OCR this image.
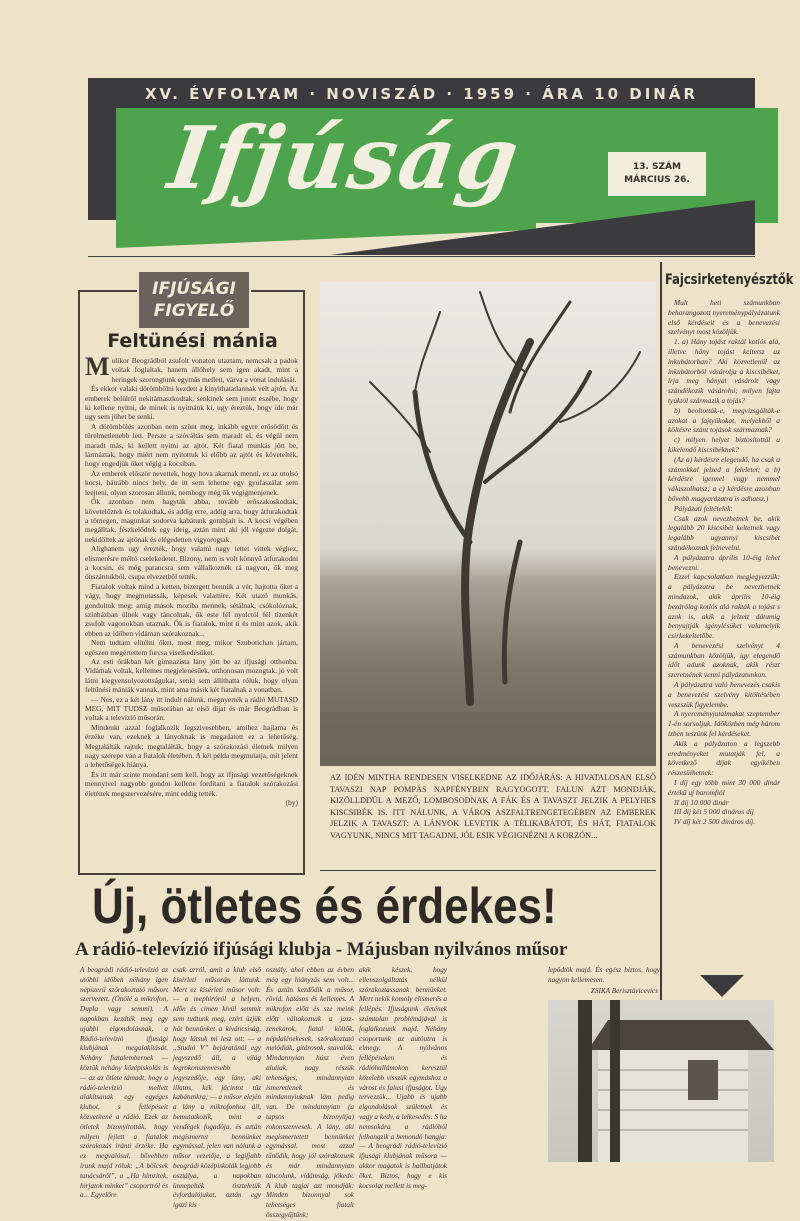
XV. ÉVFOLYAM · NOVISZÁD · 1959 · ÁRA 10 DINÁR
Ifjúság	13. SZÁM
MÁRCIUS 26.
IFJÚSÁGI
FIGYELŐ
Feltünési mánia

Mulikor Beográdból zsufolt vonaton utaztam, nemcsak a padok voltak foglaltak, hanem állóhely sem igen akadt, mint a heringek szorongtunk egymás mellett, várva a vonat indulását.

És ekkor valaki dörömbölni kezdett a kinyithatatlannak vélt ajtón. Az emberek belülről nekitámaszkodtak, senkinek sem jutott eszébe, hogy ki kellene nyitni, de minek is nyitnánk ki, ugy éreztük, hogy ide már ugy sem jöhet be senki.

A dörömbölés azonban nem szünt meg, inkább egyre erősödött és türelmetlenebb lett. Persze a szóváltás sem maradt el, és végül nem maradt más, ki kellett nyitni az ajtót. Két fiatal munkás jött be, lármáztak, hogy miért nem nyitottuk ki előbb az ajtót és követelték, hogy engedjük őket végig a kocsiban.

Az emberek először nevettek, hogy hova akarnak menni, ez az utolsó kocsi, hátrább nincs hely, de itt sem lehetne egy gyufaszálat sem leejteni, olyan szorosan állunk, nemhogy még ők végigmenjenek.

Ők azonban nem hagyták abba, tovább erőszakoskodtak, követelőztek és tolakodtak, és addig erre, addig arra, hogy átfurakodtak a tömegen, magunkat sodorva kabátunk gombjait is. A kocsi végében megálltak, fészkelődtek egy ideig, aztán mint aki jól végezte dolgát, nekidőltek az ajtónak és elégedetten vigyorogtak.

Alighanem ugy érezték, hogy valami nagy tettet vittek véghez, elismerésre méltó cselekedetet. Bizony, nem is volt könnyű átfurakodni a kocsin, és még parancsra sem vállalkoznék rá nagyon, ők meg önszántukból, csupa elvezetből tették.

Fiatalok voltak mind a ketten, bizergett bennük a vér, hajtotta őket a vágy, hogy megmutassák, képesek valamire. Két utazó munkás, gondoltuk meg: amíg mások moziba mennek, sétálnak, csókolóznak, színházban ülnek vagy táncolnak, ők este fél nyolctól fél tizenkét zsufolt vagonokban utaznak. Ők is fiatalok, mint ti és mint azok, akik ebben az időben vidáman szórakoznak...

Nem tudtam elítélni őket, most meg, mikor Szubotichan jártam, egészen megértettem furcsa viselkedésüket.

Az esti órákban két gimnazista lány jött be az ifjusági otthonba. Vidámak voltak, kellemes megjelenésűek, otthonosan mozogtak, jó volt látni kiegyensulyozottságukat, senki sem állíthatta róluk, hogy olyan feltűnési mániák vannak, mint ama másik két fiatalnak a vonatban.

— Nos, ez a két lány itt indult nálunk, megnyerték a rádió MUTASD MEG, MIT TUDSZ műsorában az első díjat és már Beográdban is voltak a televízió műsorán.

Mindenki azzal foglalkozik legszivesebben, amihez hajlama és érzéke van, ezeknek a lányoknak is megadatott ez a lehetőség. Megtalálták rajtuk; megtalálták, hogy a szórakozási életnek milyen nagy szerepe van a fiatalok életében. A két példa megmutatja, mit jelent a lehetőségek hiánya.

És itt már szinte mondani sem kell, hogy az ifjusági vezetőségeknek mennyivel nagyobb gondot kellene fordítani a fiatalok szórakozási életének megszervezésére, mint eddig tették.

(by)

AZ IDÉN MINTHA RENDESEN VISELKEDNE AZ IDŐJÁRÁS: A HIVATALOSAN ELSŐ TAVASZI NAP POMPÁS NAPFÉNYBEN RAGYOGOTT. FALUN AZT MONDJÁK, KIZÖLLDDÜL A MEZŐ, LOMBOSODNAK A FÁK ÉS A TAVASZT JELZIK A PELYHES KISCSIBÉK IS. ITT NÁLUNK, A VÁROS ASZFALTRENGETEGÉBEN AZ EMBEREK JELZIK A TAVASZT: A LÁNYOK LEVETIK A TÉLIKABÁTOT, ÉS HÁT, FIATALOK VAGYUNK, NINCS MIT TAGADNI, JÓL ESIK VÉGIGNÉZNI A KORZÓN...
Fajcsirketenyésztők

Mult heti számunkban beharangozott nyereménypályázatunk első kérdéseit és a benevezési szelvényt most közöljük.

1. a) Hány tojást raktál kotlós alá, illetve hány tojást keltetsz az inkubátorban? Aki közvetlenül az inkubátorból vásárolja a kiscsibéket, írja meg hányat vásárolt vagy szándékozik vásárolni; milyen fajta tyúktól származik a tojás?

b) beoltották-e, megvizsgálták-e azokat a fajtyúkokat, melyekből a költésre szánt tojások származnak?

c) milyen helyet biztosítottál a kikelendő kiscsibéknek?

(Az a) kérdésre elegendő, ha csak a számokkal jelzed a feleletet; a b) kérdésre igennel vagy nemmel válaszolhatsz; a c) kérdésre azonban bővebb magyarázatra is adhatsz.)

Pályázati feltételek:

Csak azok nevezhetnek be, akik legalább 20 kiscsibét keltetnek vagy legalább ugyannyi kiscsibét szándékoznak felnevelni.

A pályázatra április 10-éig lehet benevezni.

Ezzel kapcsolatban megjegyezzük: a pályázatra be nevezhetnek mindazok, akik április 10-éig bezárólag kotlós alá rakták a tojást s azok is, akik a jelzett dátumig benyujtják igénylésüket valamelyik csirkekeltetőbe.

A benevezési szelvényt 4 számunkban közöljük, így elegendő időt adunk azoknak, akik részt szeretnének venni pályázatunkon.

A pályázatra való benevezés csakis a benevezési szelvény kitöltésében veszszük figyelembe.

A nyereményjutalmakat szeptember 1-én sorsoljuk. Időközben még három izben teszünk fel kérdéseket.

Akik a pályázaton a legszebb eredményeket mutatják fel, a következő díjak egyikében részesülhetnek:

I díj egy több mint 30 000 dinár értékű uj baromfiól

II díj 10 000 dinár

III díj két 5 000 dináros díj

IV díj két 2 500 dináros díj.

Új, ötletes és érdekes!
A rádió-televízió ifjúsági klubja - Májusban nyilvános műsor
A beográdi rádió-televízió az utóbbi időben néhány igen népszerű szórakoztató műsort szervezett. (Önölé a mikrofon, Dupla vagy semmi). A napokban kezdték meg egy ujabbi elgondolásnak, a Rádió-televízió ifjusági klubjának megalakítását. Néhány fiatalembernek — köztük néhány középiskolás is — az az ötlete támadt, hogy a rádió-televízió mellett alakítsanak egy egyéges klubot, s fellépéseit közvetítené a rádió. Ezek az ötletek bizonyították, hogy milyen fejlett a fiatalok szórakozás iránti érzéke. Ha ez megvalósul, bővebben írunk majd róluk: „A bölcsek tanácsáról”, a „Ha hímzitek, hirjatok minket” csoportról és a... Egyelőre
csak arról, amit a klub első kísérleti műsorán láttunk. Mert ez kísérleti műsor volt: — a mephiróról a helyen, időn és címen kívül semmit sem tudtunk meg, ezért üzjük hát bennünket a kíváncsiság, hogy látsuk mi lesz ott; — a „Studió V” bejáratánál egy jegyszedő áll, a világ legrokonszenvesebb jegyszedője, egy lány, aki illatos, kék jácintot tűz kabátunkra; — a műsor elején a lány a mikrofonhoz áll, bemutatkozik, mint a vendégek fogadója, és aztán megismertet bennünket egymással, jelen van nálunk a műsor vezetője, a legifjabb beográdi középiskolák legjobb osztálya, a napokban ünnepelték tiszteletük évfordulójukat, aztán egy igazi kis
osztály, ahol ebben az évben még egy hiányzás sem volt... És aztán kezdődik a műsor, rövid, hatásos és kellemes. A mikrofon előtt és sze meink előtt váltakoznak a jazz-zenekarok, fiatal költők, népdalénekesek, szórakoztató melódiák, gitárosok, szavalók. Mindannyian húsz éven aluliak, nagy részük tehetséges, mindannyian ismeretlenek és mindannyiuknak lám pedig van. De mindannyian (a tapsos bizonyítja) rokonszenvesek. A lány, aki megismertetett bennünket egymással, most azzal tűnődik, hogy jól szórakozunk és már mindannyian táncolunk, vidámság, jókedv. A klub tagjai azt mondják: Minden bizonnyal sok tehetséges fiatalt összegyűjtünk;
akik készek, hogy ellenszolgáltatás nélkül szórakoztassanak bennünket. Mert nekik komoly elismerés a fellépés. Ifjuságunk életének számtalan problémájával is foglalkozunk majd. Néhány csoportunk az autóutra is elmegy. A nyilvános fellépéseken és rádióhullámokon keresztül közelebb visszük egymáshoz a várost és falusi ifjuságot. Ugy tervezzük... Ujabb és ujabb elgondolások születnek és vagy a kedv, a lelkesedés. S ha nemsokára a rádióból felhangzik a bemondó hangja: — A beográdi rádió-televízió ifjusági klubjának műsora — akkor magatok is hallhatjátok őket. Biztos, hogy e kis kocsolat mellett is meg-
lepődtök majd. És egész biztos, hogy nagyon kellemesen.
ZSIKA Berisztávicevics
